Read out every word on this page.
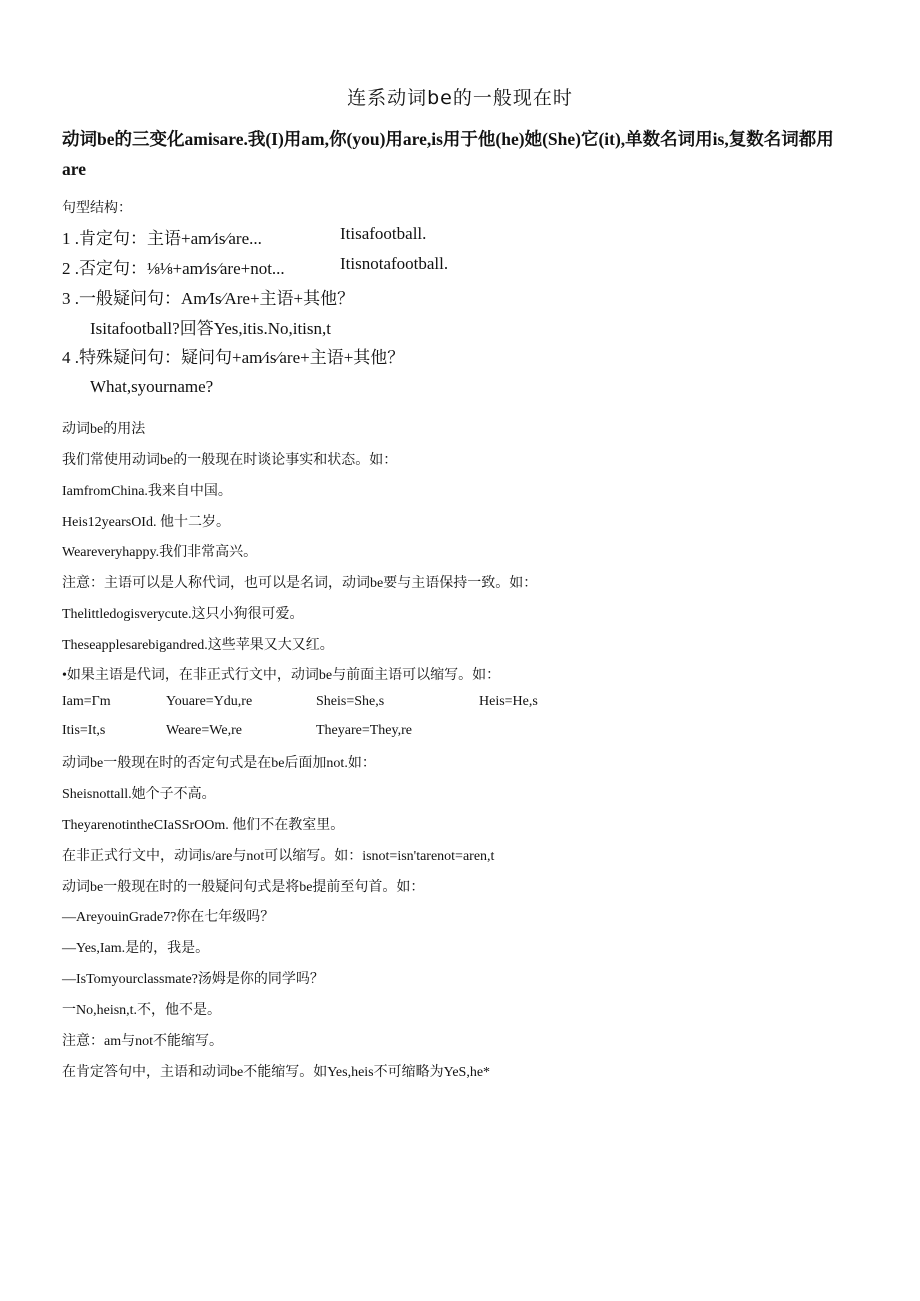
连系动词be的一般现在时
动词be的三变化amisare.我(I)用am,你(you)用are,is用于他(he)她(She)它(it),单数名词用is,复数名词都用are
句型结构：
1 .肯定句：主语+am∕is∕are...	Itisafootball.
2 .否定句：⅛⅛+am∕is∕are+not...	Itisnotafootball.
3 .一般疑问句：Am∕Is∕Are+主语+其他？
Isitafootball?回答Yes,itis.No,itisn,t
4 .特殊疑问句：疑问句+am∕is∕are+主语+其他？
What,syourname?
动词be的用法
我们常使用动词be的一般现在时谈论事实和状态。如：
IamfromChina.我来自中国。
Heis12yearsOId. 他十二岁。
Weareveryhappy.我们非常高兴。
注意：主语可以是人称代词，也可以是名词，动词be要与主语保持一致。如：
Thelittledogisverycute.这只小狗很可爱。
Theseapplesarebigandred.这些苹果又大又红。
•如果主语是代词，在非正式行文中，动词be与前面主语可以缩写。如：
Iam=Γm	Youare=Ydu,re	Sheis=She,s	Heis=He,s
Itis=It,s	Weare=We,re	Theyare=They,re
动词be一般现在时的否定句式是在be后面加not.如：
Sheisnottall.她个子不高。
TheyarenotintheCIaSSrOOm. 他们不在教室里。
在非正式行文中，动词is/are与not可以缩写。如：isnot=isn'tarenot=aren,t
动词be一般现在时的一般疑问句式是将be提前至句首。如：
—AreyouinGrade7?你在七年级吗？
—Yes,Iam.是的，我是。
—IsTomyourclassmate?汤姆是你的同学吗？
一No,heisn,t.不，他不是。
注意：am与not不能缩写。
在肯定答句中，主语和动词be不能缩写。如Yes,heis不可缩略为YeS,he*
